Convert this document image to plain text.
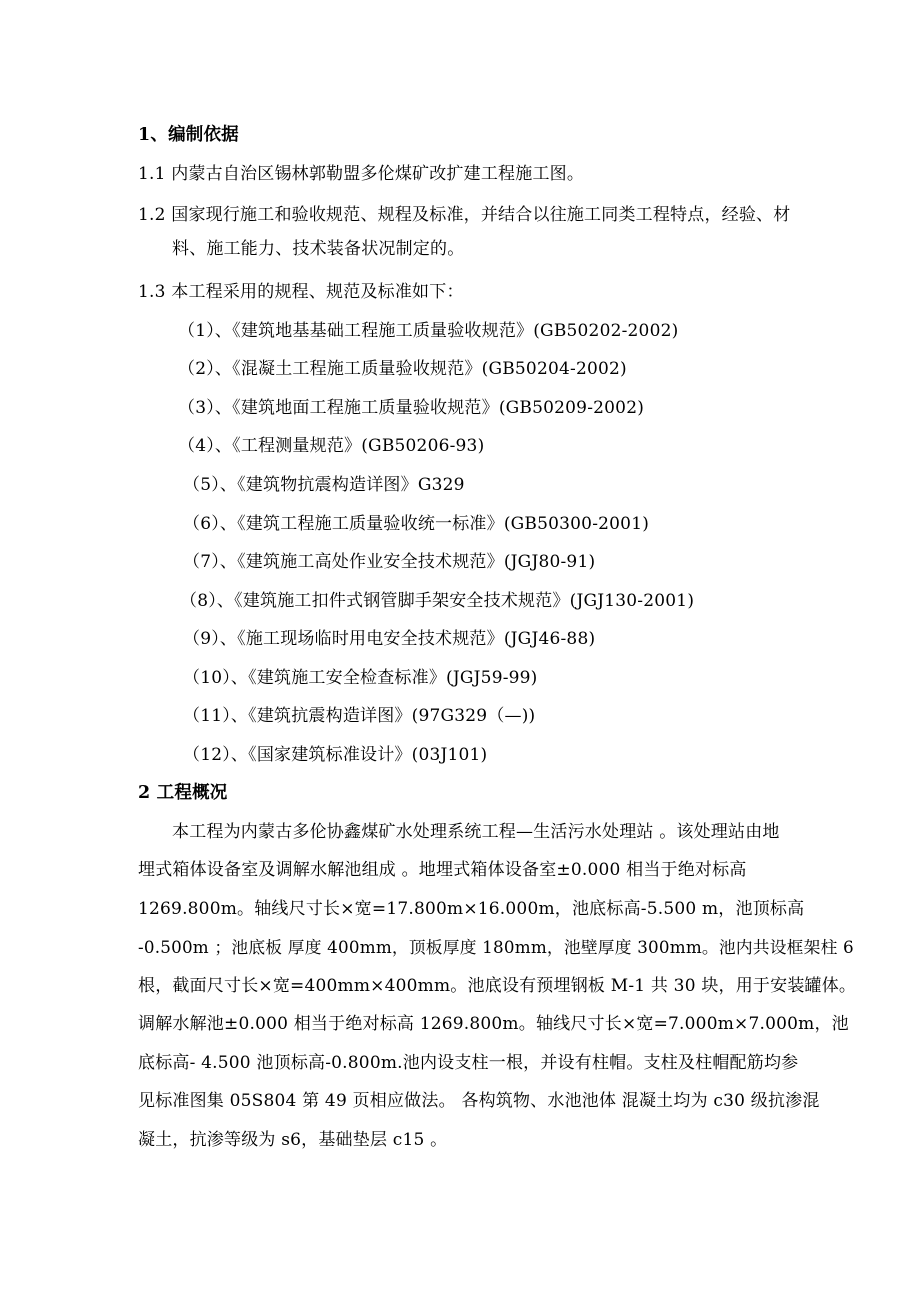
1、编制依据
1.1 内蒙古自治区锡林郭勒盟多伦煤矿改扩建工程施工图。
1.2 国家现行施工和验收规范、规程及标准，并结合以往施工同类工程特点，经验、材
料、施工能力、技术装备状况制定的。
1.3 本工程采用的规程、规范及标准如下：
（1）、《建筑地基基础工程施工质量验收规范》(GB50202-2002)
（2）、《混凝土工程施工质量验收规范》(GB50204-2002)
（3）、《建筑地面工程施工质量验收规范》(GB50209-2002)
（4）、《工程测量规范》(GB50206-93)
（5）、《建筑物抗震构造详图》G329
（6）、《建筑工程施工质量验收统一标准》(GB50300-2001)
（7）、《建筑施工高处作业安全技术规范》(JGJ80-91)
（8）、《建筑施工扣件式钢管脚手架安全技术规范》(JGJ130-2001)
（9）、《施工现场临时用电安全技术规范》(JGJ46-88)
（10）、《建筑施工安全检查标准》(JGJ59-99)
（11）、《建筑抗震构造详图》(97G329（—))
（12）、《国家建筑标准设计》(03J101)
2 工程概况
本工程为内蒙古多伦协鑫煤矿水处理系统工程—生活污水处理站 。该处理站由地
埋式箱体设备室及调解水解池组成 。地埋式箱体设备室±0.000 相当于绝对标高
1269.800m。轴线尺寸长×宽=17.800m×16.000m，池底标高-5.500 m，池顶标高
-0.500m ；池底板 厚度 400mm，顶板厚度 180mm，池壁厚度 300mm。池内共设框架柱 6
根，截面尺寸长×宽=400mm×400mm。池底设有预埋钢板 M-1 共 30 块，用于安装罐体。
调解水解池±0.000 相当于绝对标高 1269.800m。轴线尺寸长×宽=7.000m×7.000m，池
底标高- 4.500 池顶标高-0.800m.池内设支柱一根，并设有柱帽。支柱及柱帽配筋均参
见标准图集 05S804 第 49 页相应做法。 各构筑物、水池池体 混凝土均为 c30 级抗渗混
凝土，抗渗等级为 s6，基础垫层 c15 。
